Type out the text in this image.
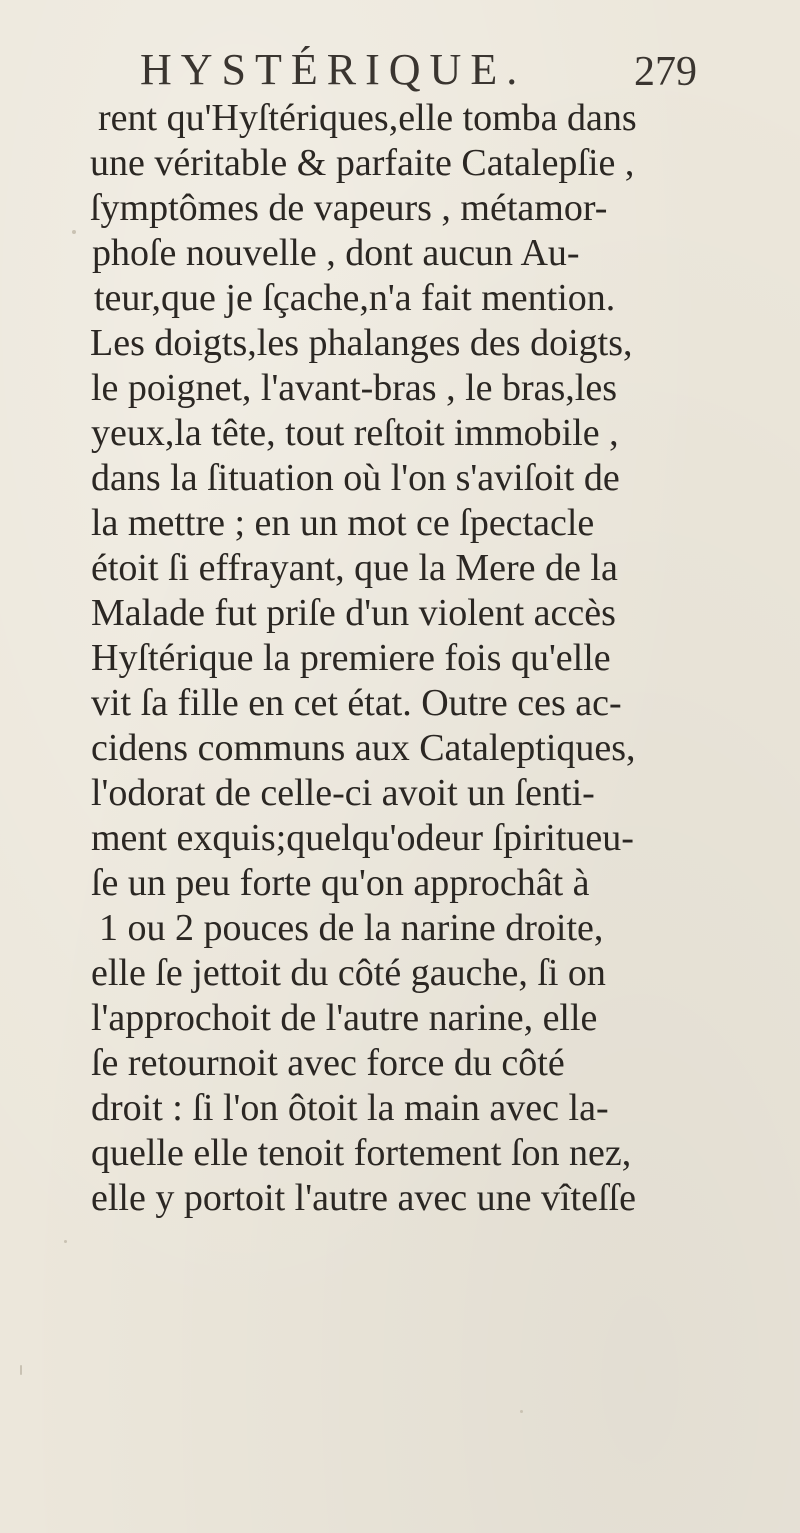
HYSTÉRIQUE.	279
rent qu'Hyſtériques,elle tomba dans
une véritable & parfaite Catalepſie ,
ſymptômes de vapeurs , métamor-
phoſe nouvelle , dont aucun Au-
teur,que je ſçache,n'a fait mention.
Les doigts,les phalanges des doigts,
le poignet, l'avant-bras , le bras,les
yeux,la tête, tout reſtoit immobile ,
dans la ſituation où l'on s'aviſoit de
la mettre ; en un mot ce ſpectacle
étoit ſi effrayant, que la Mere de la
Malade fut priſe d'un violent accès
Hyſtérique la premiere fois qu'elle
vit ſa fille en cet état. Outre ces ac-
cidens communs aux Cataleptiques,
l'odorat de celle-ci avoit un ſenti-
ment exquis;quelqu'odeur ſpiritueu-
ſe un peu forte qu'on approchât à
1 ou 2 pouces de la narine droite,
elle ſe jettoit du côté gauche, ſi on
l'approchoit de l'autre narine, elle
ſe retournoit avec force du côté
droit : ſi l'on ôtoit la main avec la-
quelle elle tenoit fortement ſon nez,
elle y portoit l'autre avec une vîteſſe
